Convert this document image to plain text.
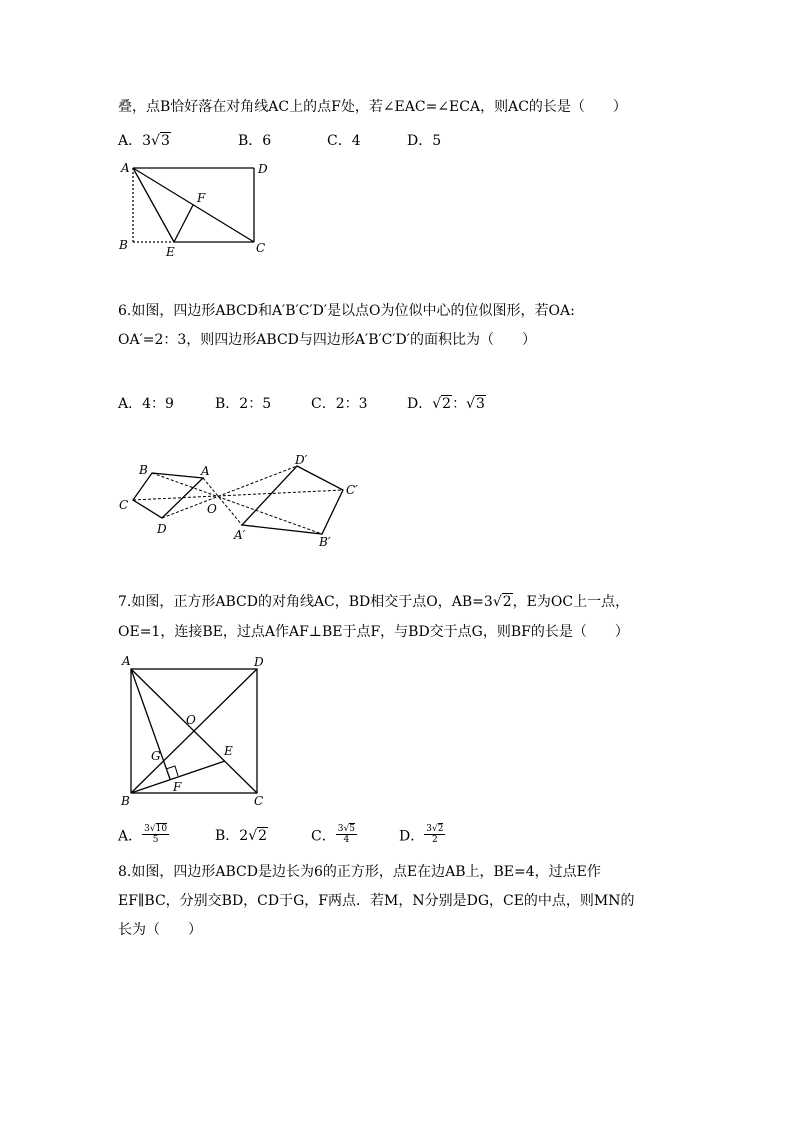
叠，点B恰好落在对角线AC上的点F处，若∠EAC=∠ECA，则AC的长是（　　）
A．3√3	B．6	C．4	D．5
A	D
F
B	E	C
6.如图，四边形ABCD和A′B′C′D′是以点O为位似中心的位似图形，若OA:
OA′=2：3，则四边形ABCD与四边形A′B′C′D′的面积比为（　　）
A．4：9	B．2：5	C．2：3	D．√2：√3
B	A
C	O
D
D′
C′
A′	B′
7.如图，正方形ABCD的对角线AC，BD相交于点O，AB=3√2，E为OC上一点，
OE=1，连接BE，过点A作AF⊥BE于点F，与BD交于点G，则BF的长是（　　）
A	D
O
G	E
F
B	C
A． $\frac{3√10}{5}$	B．2√2	C． $\frac{3√5}{4}$	D． $\frac{3√2}{2}$
8.如图，四边形ABCD是边长为6的正方形，点E在边AB上，BE=4，过点E作
EF∥BC，分别交BD，CD于G，F两点．若M，N分别是DG，CE的中点，则MN的
长为（　　）
